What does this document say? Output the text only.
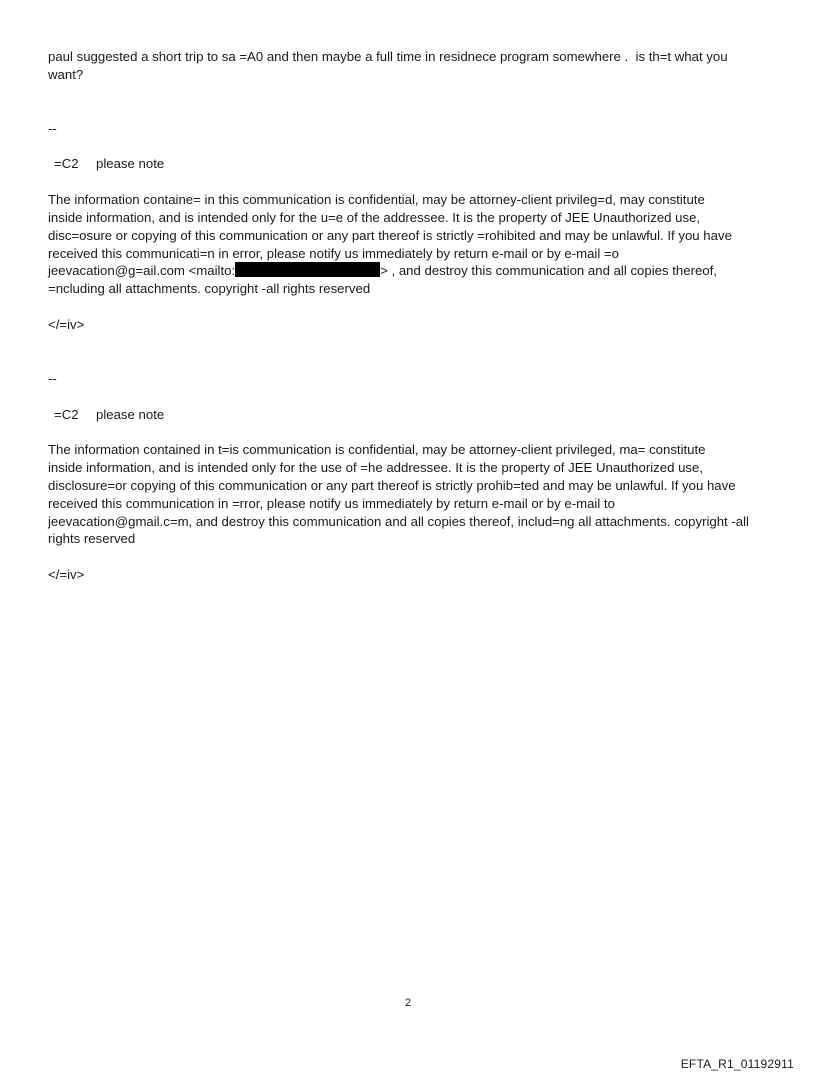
paul suggested a short trip to sa =A0 and then maybe a full time in residnece program somewhere .  is th=t what you

want?

--

=C2 please note

The information containe= in this communication is confidential, may be attorney-client privileg=d, may constitute

inside information, and is intended only for the u=e of the addressee. It is the property of JEE Unauthorized use,

disc=osure or copying of this communication or any part thereof is strictly =rohibited and may be unlawful. If you have

received this communicati=n in error, please notify us immediately by return e-mail or by e-mail =o

jeevacation@g=ail.com <mailto:	> , and destroy this communication and all copies thereof,

=ncluding all attachments. copyright -all rights reserved

</=iv>

--

=C2 please note

The information contained in t=is communication is confidential, may be attorney-client privileged, ma= constitute

inside information, and is intended only for the use of =he addressee. It is the property of JEE Unauthorized use,

disclosure=or copying of this communication or any part thereof is strictly prohib=ted and may be unlawful. If you have

received this communication in =rror, please notify us immediately by return e-mail or by e-mail to

jeevacation@gmail.c=m, and destroy this communication and all copies thereof, includ=ng all attachments. copyright -all

rights reserved

</=iv>

2
EFTA_R1_01192911
